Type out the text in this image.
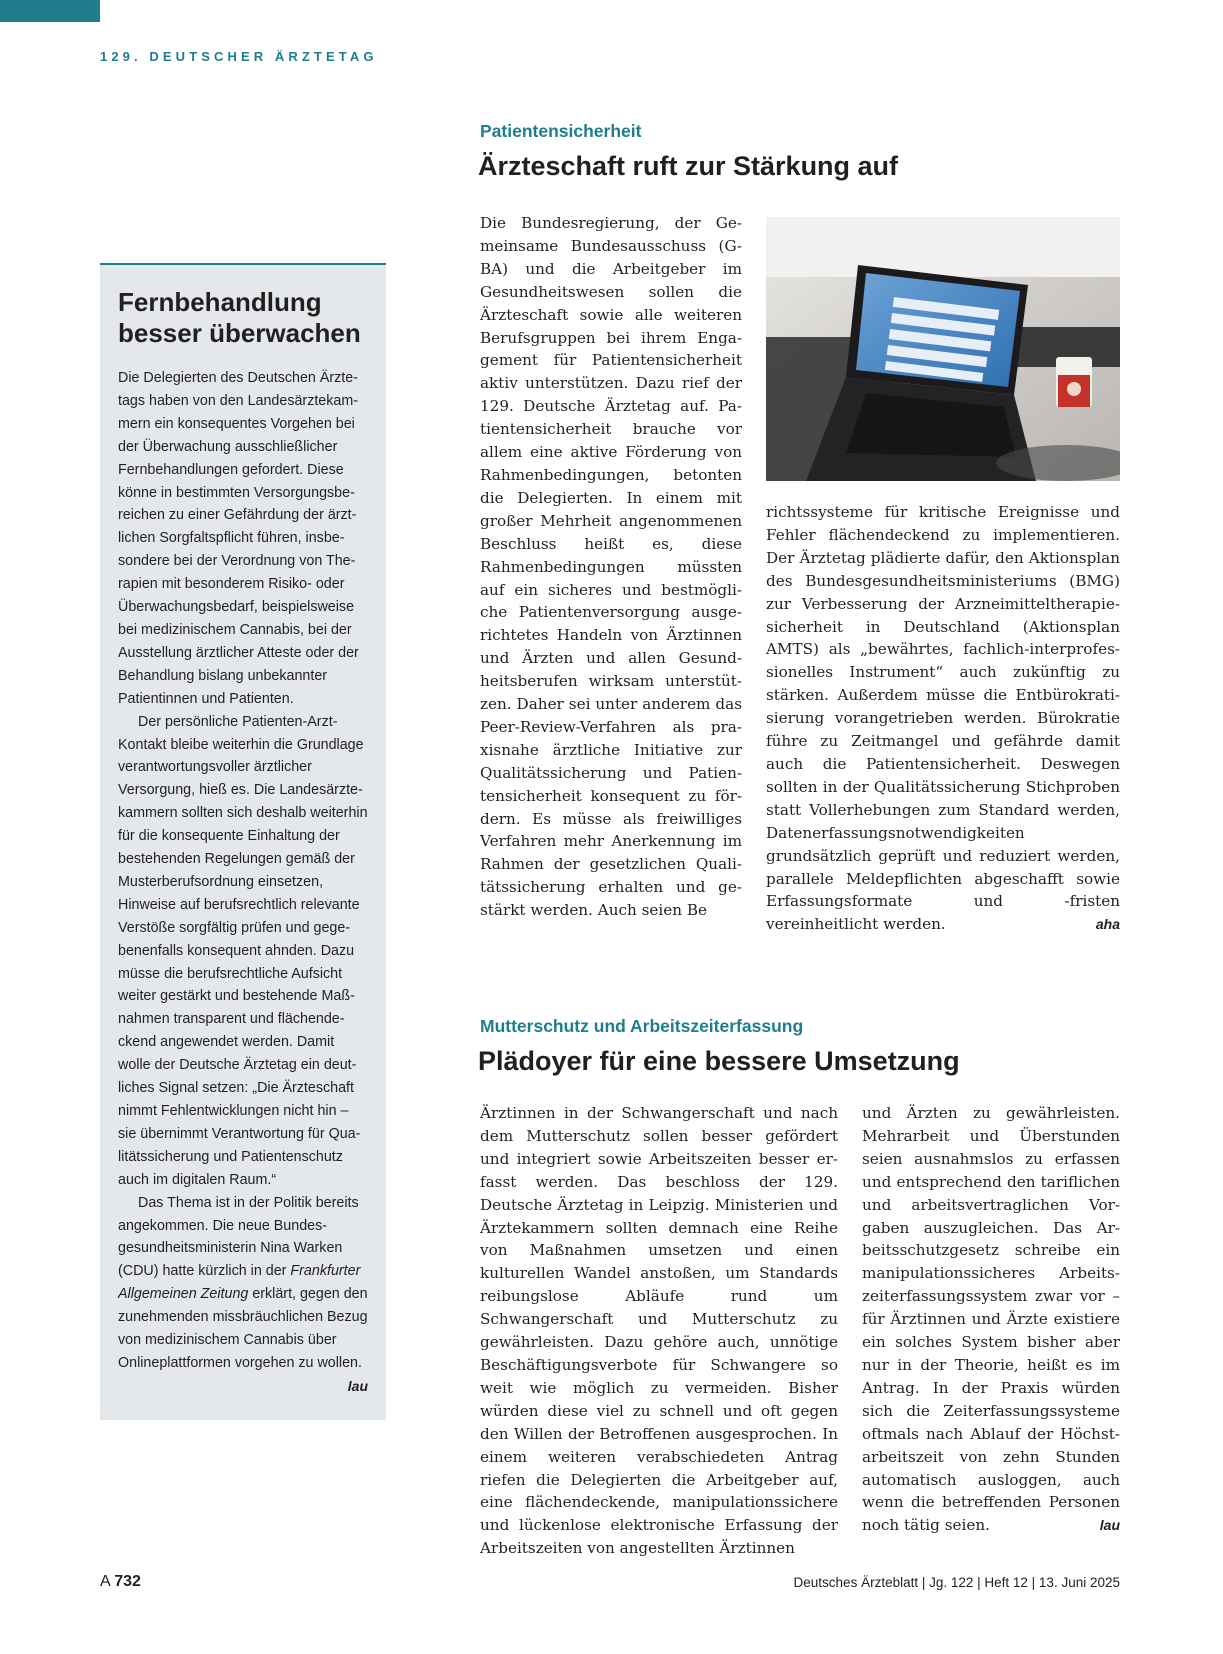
129. DEUTSCHER ÄRZTETAG
Fernbehandlung
besser überwachen

Die Delegierten des Deutschen Ärztetags haben von den Landesärztekammern ein konsequentes Vorgehen bei der Überwachung ausschließlicher Fernbehandlungen gefordert. Diese könne in bestimmten Versorgungsbereichen zu einer Gefährdung der ärztlichen Sorgfaltspflicht führen, insbesondere bei der Verordnung von Therapien mit besonderem Risiko- oder Überwachungsbedarf, beispielsweise bei medizinischem Cannabis, bei der Ausstellung ärztlicher Atteste oder der Behandlung bislang unbekannter Patientinnen und Patienten.

Der persönliche Patienten-Arzt-Kontakt bleibe weiterhin die Grundlage verantwortungsvoller ärztlicher Versorgung, hieß es. Die Landesärztekammern sollten sich deshalb weiterhin für die konsequente Einhaltung der bestehenden Regelungen gemäß der Musterberufsordnung einsetzen, Hinweise auf berufsrechtlich relevante Verstöße sorgfältig prüfen und gegebenenfalls konsequent ahnden. Dazu müsse die berufsrechtliche Aufsicht weiter gestärkt und bestehende Maßnahmen transparent und flächendeckend angewendet werden. Damit wolle der Deutsche Ärztetag ein deutliches Signal setzen: „Die Ärzteschaft nimmt Fehlentwicklungen nicht hin – sie übernimmt Verantwortung für Qualitätssicherung und Patientenschutz auch im digitalen Raum.“

Das Thema ist in der Politik bereits angekommen. Die neue Bundesgesundheitsministerin Nina Warken (CDU) hatte kürzlich in der Frankfurter Allgemeinen Zeitung erklärt, gegen den zunehmenden missbräuchlichen Bezug von medizinischem Cannabis über Onlineplattformen vorgehen zu wollen.
lau

Patientensicherheit
Ärzteschaft ruft zur Stärkung auf

Die Bundesregierung, der Gemeinsame Bundesausschuss (G-BA) und die Arbeitgeber im Gesundheitswesen sollen die Ärzteschaft sowie alle weiteren Berufsgruppen bei ihrem Engagement für Patientensicherheit aktiv unterstützen. Dazu rief der 129. Deutsche Ärztetag auf. Patientensicherheit brauche vor allem eine aktive Förderung von Rahmenbedingungen, betonten die Delegierten. In einem mit großer Mehrheit angenommenen Beschluss heißt es, diese Rahmenbedingungen müssten auf ein sicheres und bestmögliche Patientenversorgung ausgerichtetes Handeln von Ärztinnen und Ärzten und allen Gesundheitsberufen wirksam unterstützen. Daher sei unter anderem das Peer-Review-Verfahren als praxisnahe ärztliche Initiative zur Qualitätssicherung und Patientensicherheit konsequent zu fördern. Es müsse als freiwilliges Verfahren mehr Anerkennung im Rahmen der gesetzlichen Qualitätssicherung erhalten und gestärkt werden. Auch seien Be

richtssysteme für kritische Ereignisse und Fehler flächendeckend zu implementieren. Der Ärztetag plädierte dafür, den Aktionsplan des Bundesgesundheitsministeriums (BMG) zur Verbesserung der Arzneimitteltherapiesicherheit in Deutschland (Aktionsplan AMTS) als „bewährtes, fachlich-interprofessionelles Instrument“ auch zukünftig zu stärken. Außerdem müsse die Entbürokratisierung vorangetrieben werden. Bürokratie führe zu Zeitmangel und gefährde damit auch die Patientensicherheit. Deswegen sollten in der Qualitätssicherung Stichproben statt Vollerhebungen zum Standard werden, Datenerfassungsnotwendigkeiten grundsätzlich geprüft und reduziert werden, parallele Meldepflichten abgeschafft sowie Erfassungsformate und -fristen vereinheitlicht werden.	aha

Mutterschutz und Arbeitszeiterfassung
Plädoyer für eine bessere Umsetzung

Ärztinnen in der Schwangerschaft und nach dem Mutterschutz sollen besser gefördert und integriert sowie Arbeitszeiten besser erfasst werden. Das beschloss der 129. Deutsche Ärztetag in Leipzig. Ministerien und Ärztekammern sollten demnach eine Reihe von Maßnahmen umsetzen und einen kulturellen Wandel anstoßen, um Standards reibungslose Abläufe rund um Schwangerschaft und Mutterschutz zu gewährleisten. Dazu gehöre auch, unnötige Beschäftigungsverbote für Schwangere so weit wie möglich zu vermeiden. Bisher würden diese viel zu schnell und oft gegen den Willen der Betroffenen ausgesprochen. In einem weiteren verabschiedeten Antrag riefen die Delegierten die Arbeitgeber auf, eine flächendeckende, manipulationssichere und lückenlose elektronische Erfassung der Arbeitszeiten von angestellten Ärztinnen

und Ärzten zu gewährleisten. Mehrarbeit und Überstunden seien ausnahmslos zu erfassen und entsprechend den tariflichen und arbeitsvertraglichen Vorgaben auszugleichen. Das Arbeitsschutzgesetz schreibe ein manipulationssicheres Arbeitszeiterfassungssystem zwar vor – für Ärztinnen und Ärzte existiere ein solches System bisher aber nur in der Theorie, heißt es im Antrag. In der Praxis würden sich die Zeiterfassungssysteme oftmals nach Ablauf der Höchstarbeitszeit von zehn Stunden automatisch ausloggen, auch wenn die betreffenden Personen noch tätig seien.	lau

A 732	Deutsches Ärzteblatt | Jg. 122 | Heft 12 | 13. Juni 2025
